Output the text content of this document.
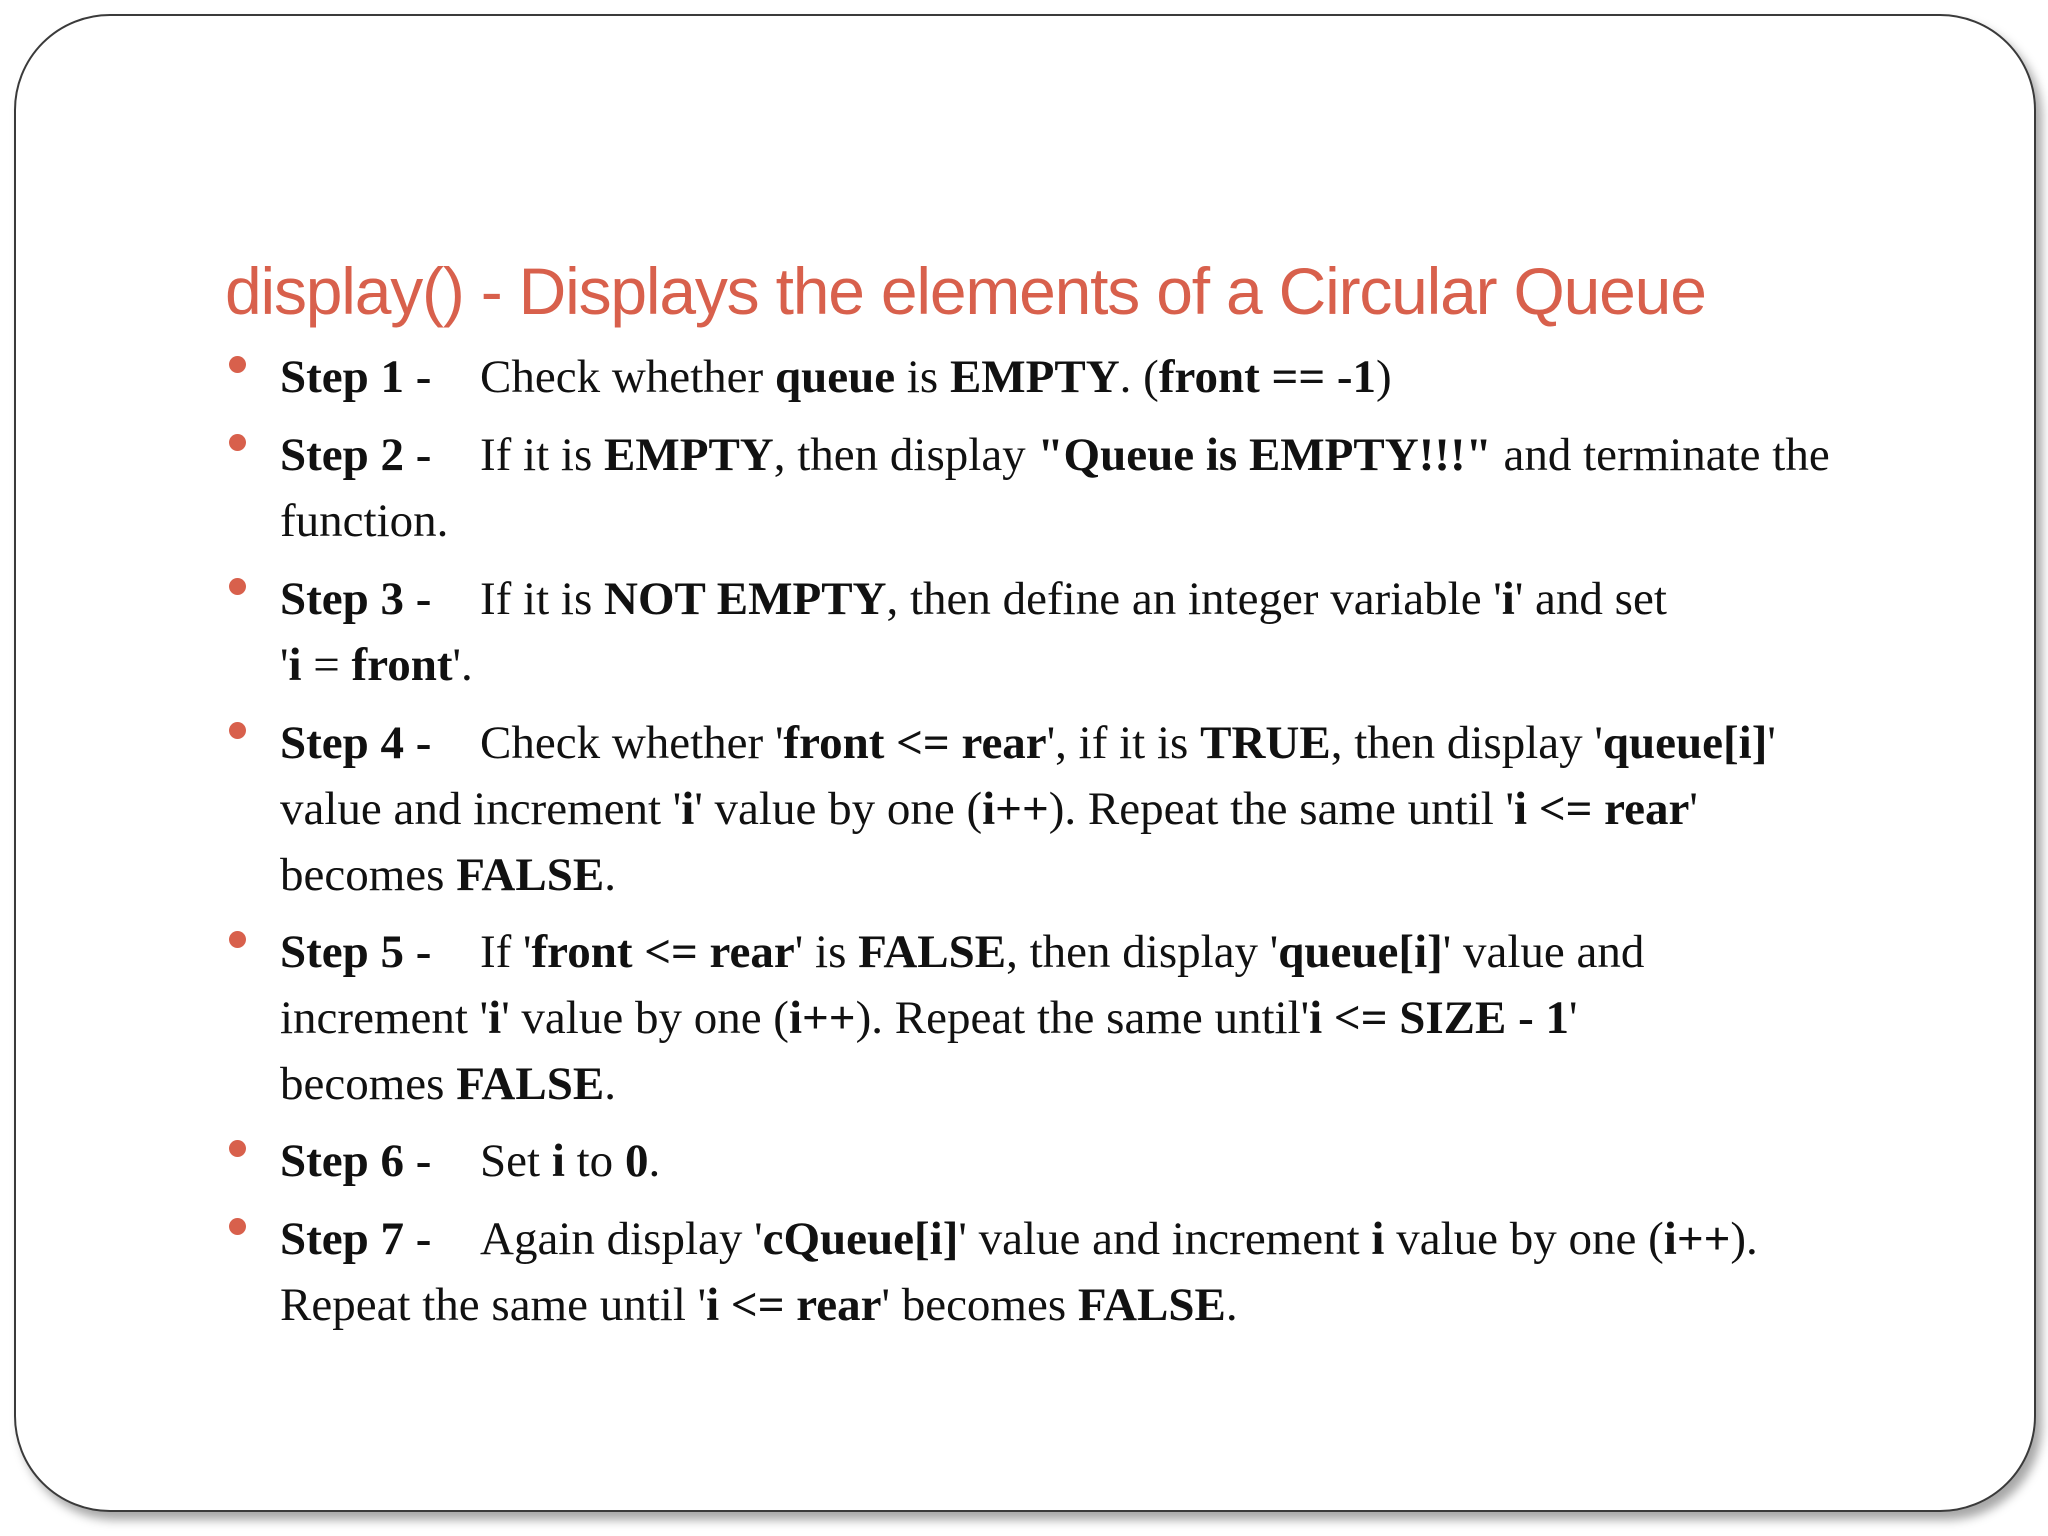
display() - Displays the elements of a Circular Queue
Step 1 - Check whether queue is EMPTY. (front == -1)
Step 2 - If it is EMPTY, then display "Queue is EMPTY!!!" and terminate the
function.
Step 3 - If it is NOT EMPTY, then define an integer variable 'i' and set
'i = front'.
Step 4 - Check whether 'front <= rear', if it is TRUE, then display 'queue[i]'
value and increment 'i' value by one (i++). Repeat the same until 'i <= rear'
becomes FALSE.
Step 5 - If 'front <= rear' is FALSE, then display 'queue[i]' value and
increment 'i' value by one (i++). Repeat the same until'i <= SIZE - 1'
becomes FALSE.
Step 6 - Set i to 0.
Step 7 - Again display 'cQueue[i]' value and increment i value by one (i++).
Repeat the same until 'i <= rear' becomes FALSE.
